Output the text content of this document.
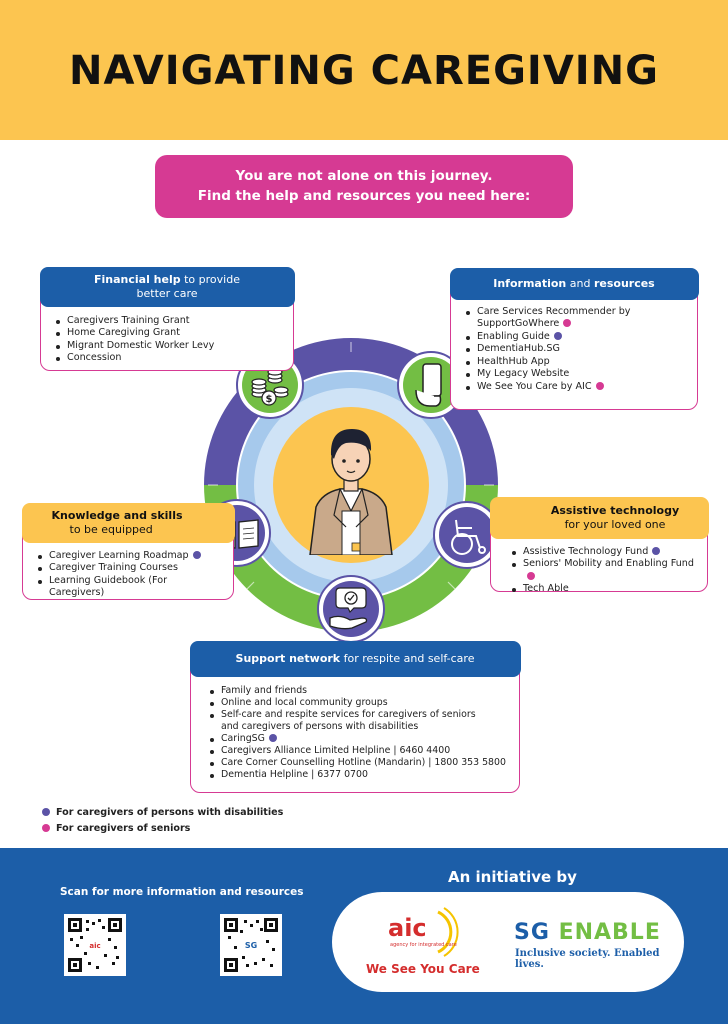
NAVIGATING CAREGIVING
You are not alone on this journey.
Find the help and resources you need here:
$
Financial help to provide
better care
Caregivers Training Grant
Home Caregiving Grant
Migrant Domestic Worker Levy
Concession
Information and resources
Care Services Recommender by
SupportGoWhere
Enabling Guide
DementiaHub.SG
HealthHub App
My Legacy Website
We See You Care by AIC
Knowledge and skills
to be equipped
Caregiver Learning Roadmap
Caregiver Training Courses
Learning Guidebook (For Caregivers)
Assistive technology
for your loved one
Assistive Technology Fund
Seniors' Mobility and Enabling Fund
Tech Able
Support network for respite and self-care
Family and friends
Online and local community groups
Self-care and respite services for caregivers of seniors
and caregivers of persons with disabilities
CaringSG
Caregivers Alliance Limited Helpline | 6460 4400
Care Corner Counselling Hotline (Mandarin) | 1800 353 5800
Dementia Helpline | 6377 0700
For caregivers of persons with disabilities
For caregivers of seniors
Scan for more information and resources
aic	SG
An initiative by
aic
agency for integrated care
We See You Care
SG ENABLE
Inclusive society. Enabled lives.
